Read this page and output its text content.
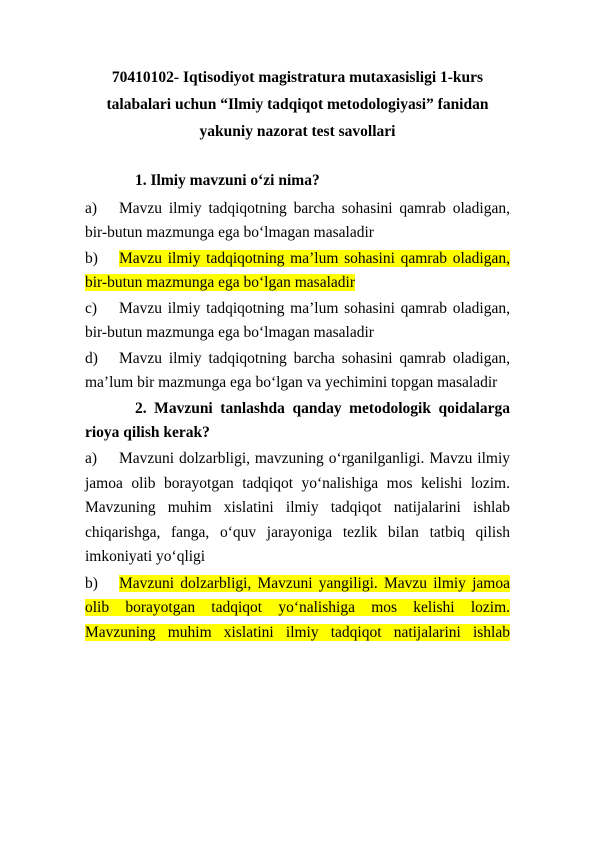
70410102- Iqtisodiyot magistratura mutaxasisligi 1-kurs
talabalari uchun “Ilmiy tadqiqot metodologiyasi” fanidan
yakuniy nazorat test savollari

1. Ilmiy mavzuni o‘zi nima?

a) Mavzu ilmiy tadqiqotning barcha sohasini qamrab oladigan, bir-butun mazmunga ega bo‘lmagan masaladir

b) Mavzu ilmiy tadqiqotning ma’lum sohasini qamrab oladigan, bir-butun mazmunga ega bo‘lgan masaladir

c) Mavzu ilmiy tadqiqotning ma’lum sohasini qamrab oladigan, bir-butun mazmunga ega bo‘lmagan masaladir

d) Mavzu ilmiy tadqiqotning barcha sohasini qamrab oladigan, ma’lum bir mazmunga ega bo‘lgan va yechimini topgan masaladir

2. Mavzuni tanlashda qanday metodologik qoidalarga rioya qilish kerak?

a) Mavzuni dolzarbligi, mavzuning o‘rganilganligi. Mavzu ilmiy jamoa olib borayotgan tadqiqot yo‘nalishiga mos kelishi lozim. Mavzuning muhim xislatini ilmiy tadqiqot natijalarini ishlab chiqarishga, fanga, o‘quv jarayoniga tezlik bilan tatbiq qilish imkoniyati yo‘qligi

b) Mavzuni dolzarbligi, Mavzuni yangiligi. Mavzu ilmiy jamoa olib borayotgan tadqiqot yo‘nalishiga mos kelishi lozim. Mavzuning muhim xislatini ilmiy tadqiqot natijalarini ishlab
